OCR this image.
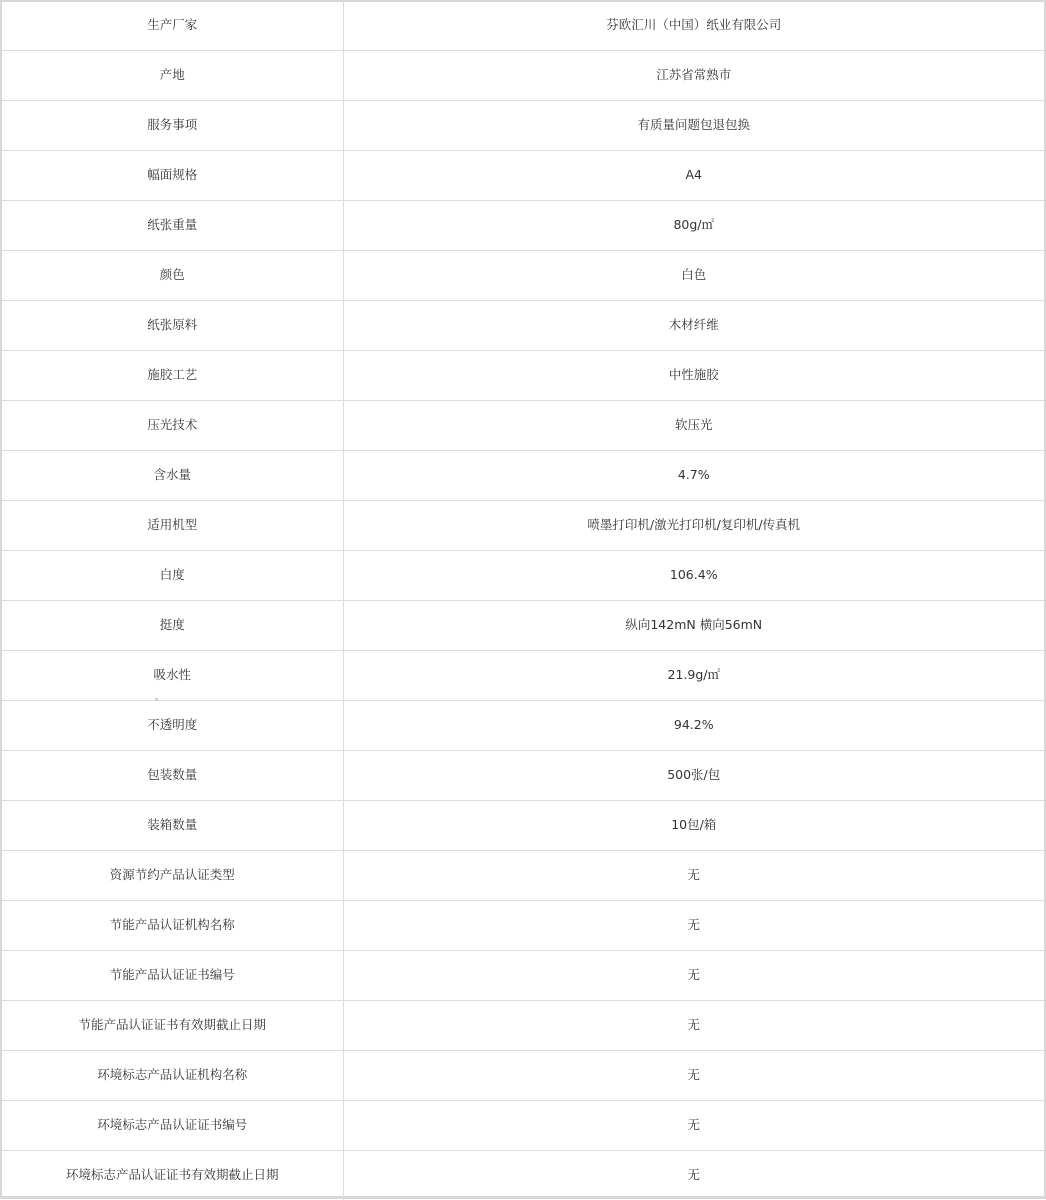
生产厂家	芬欧汇川（中国）纸业有限公司
产地	江苏省常熟市
服务事项	有质量问题包退包换
幅面规格	A4
纸张重量	80g/㎡
颜色	白色
纸张原料	木材纤维
施胶工艺	中性施胶
压光技术	软压光
含水量	4.7%
适用机型	喷墨打印机/激光打印机/复印机/传真机
白度	106.4%
挺度	纵向142mN 横向56mN
吸水性	21.9g/㎡
不透明度	94.2%
包装数量	500张/包
装箱数量	10包/箱
资源节约产品认证类型	无
节能产品认证机构名称	无
节能产品认证证书编号	无
节能产品认证证书有效期截止日期	无
环境标志产品认证机构名称	无
环境标志产品认证证书编号	无
环境标志产品认证证书有效期截止日期	无
